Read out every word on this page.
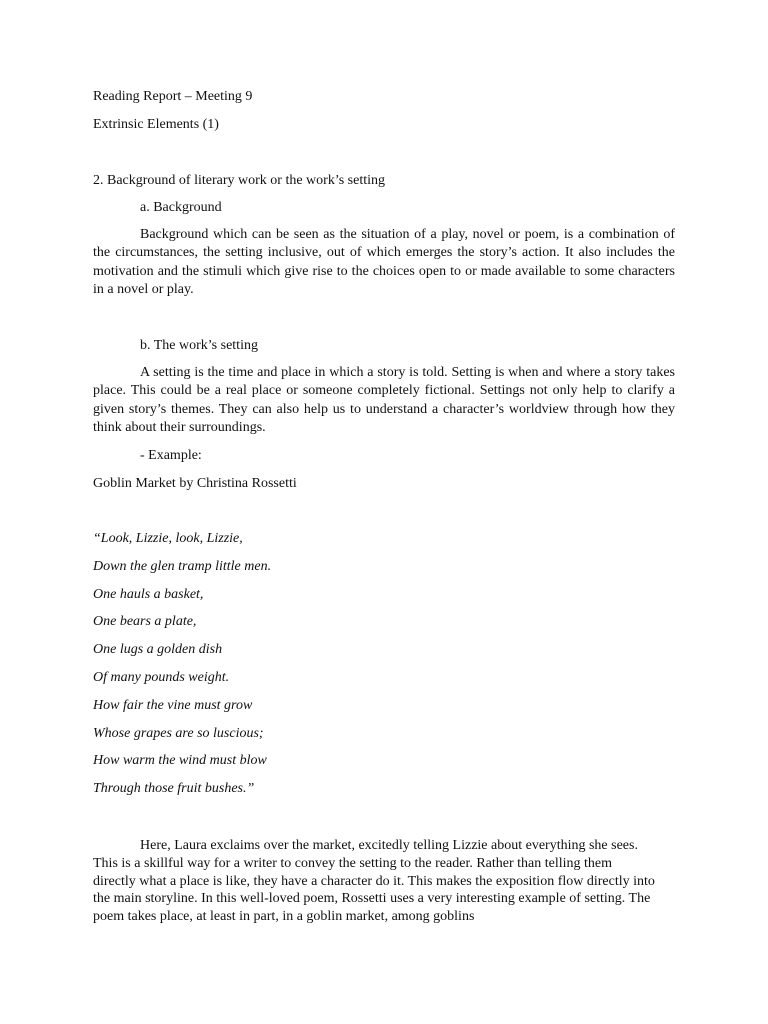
Reading Report – Meeting 9
Extrinsic Elements (1)
2. Background of literary work or the work’s setting
a. Background

Background which can be seen as the situation of a play, novel or poem, is a combination of the circumstances, the setting inclusive, out of which emerges the story’s action. It also includes the motivation and the stimuli which give rise to the choices open to or made available to some characters in a novel or play.

b. The work’s setting

A setting is the time and place in which a story is told. Setting is when and where a story takes place. This could be a real place or someone completely fictional. Settings not only help to clarify a given story’s themes. They can also help us to understand a character’s worldview through how they think about their surroundings.

- Example:
Goblin Market by Christina Rossetti
“Look, Lizzie, look, Lizzie,
Down the glen tramp little men.
One hauls a basket,
One bears a plate,
One lugs a golden dish
Of many pounds weight.
How fair the vine must grow
Whose grapes are so luscious;
How warm the wind must blow
Through those fruit bushes.”

Here, Laura exclaims over the market, excitedly telling Lizzie about everything she sees. This is a skillful way for a writer to convey the setting to the reader. Rather than telling them directly what a place is like, they have a character do it. This makes the exposition flow directly into the main storyline. In this well-loved poem, Rossetti uses a very interesting example of setting. The poem takes place, at least in part, in a goblin market, among goblins
